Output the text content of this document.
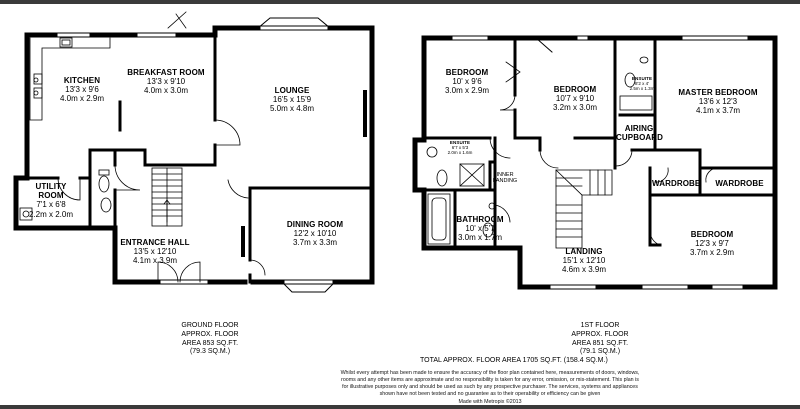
KITCHEN
13'3 x 9'6
4.0m x 2.9m
BREAKFAST ROOM
13'3 x 9'10
4.0m x 3.0m	LOUNGE
16'5 x 15'9
5.0m x 4.8m
UTILITY
ROOM
7'1 x 6'8
2.2m x 2.0m
DINING ROOM
12'2 x 10'10
3.7m x 3.3m
ENTRANCE HALL
13'5 x 12'10
4.1m x 3.9m
BEDROOM
10' x 9'6
3.0m x 2.9m	BEDROOM
10'7 x 9'10
3.2m x 3.0m
ENSUITE
8'2 x 4'
2.5m x 1.3m	MASTER BEDROOM
13'6 x 12'3
4.1m x 3.7m
AIRING
CUPBOARD
ENSUITE
6'7 x 5'3
2.0m x 1.6m
INNER
LANDING	WARDROBE	WARDROBE
BATHROOM
10' x 5'7
3.0m x 1.7m	BEDROOM
12'3 x 9'7
3.7m x 2.9m
LANDING
15'1 x 12'10
4.6m x 3.9m
GROUND FLOOR
APPROX. FLOOR
AREA 853 SQ.FT.
(79.3 SQ.M.)
1ST FLOOR
APPROX. FLOOR
AREA 851 SQ.FT.
(79.1 SQ.M.)
TOTAL APPROX. FLOOR AREA 1705 SQ.FT. (158.4 SQ.M.)
Whilst every attempt has been made to ensure the accuracy of the floor plan contained here, measurements of doors, windows, rooms and any other items are approximate and no responsibility is taken for any error, omission, or mis-statement. This plan is for illustrative purposes only and should be used as such by any prospective purchaser. The services, systems and appliances shown have not been tested and no guarantee as to their operability or efficiency can be given
Made with Metropix ©2013
